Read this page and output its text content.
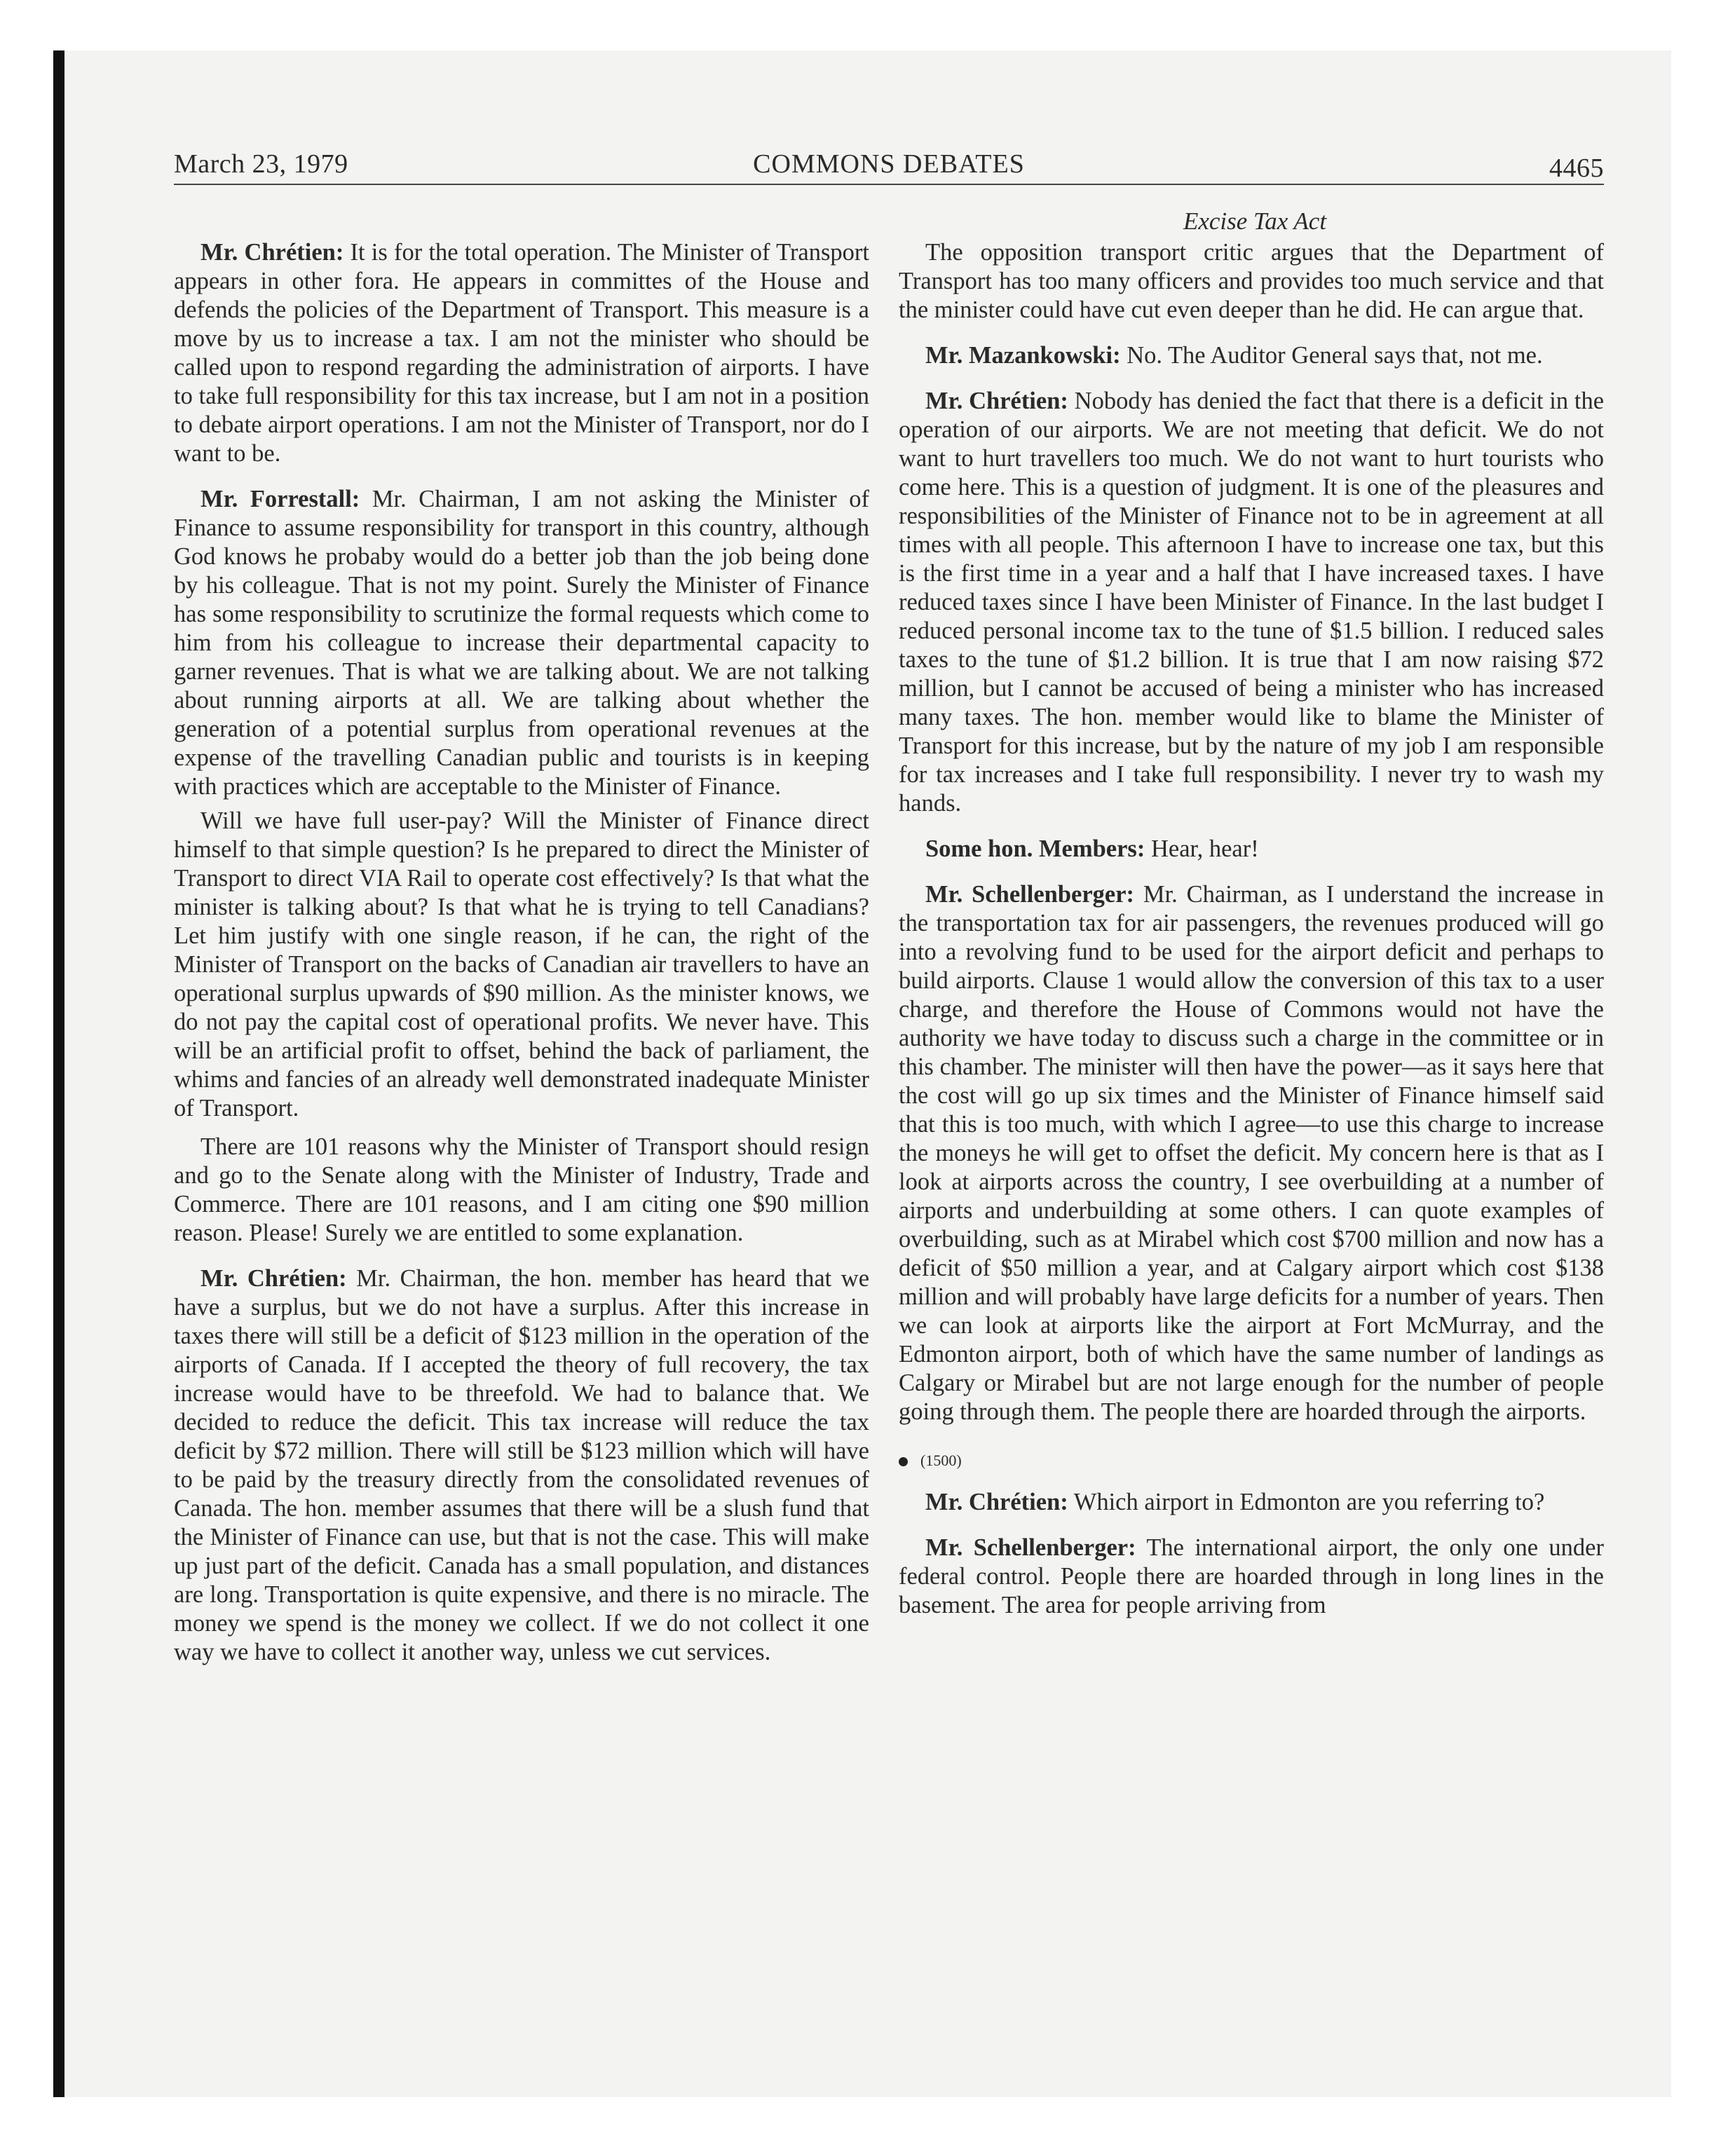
March 23, 1979	COMMONS DEBATES	4465
Excise Tax Act

Mr. Chrétien: It is for the total operation. The Minister of Transport appears in other fora. He appears in committes of the House and defends the policies of the Department of Transport. This measure is a move by us to increase a tax. I am not the minister who should be called upon to respond regarding the administration of airports. I have to take full responsibility for this tax increase, but I am not in a position to debate airport operations. I am not the Minister of Transport, nor do I want to be.

Mr. Forrestall: Mr. Chairman, I am not asking the Minister of Finance to assume responsibility for transport in this country, although God knows he probaby would do a better job than the job being done by his colleague. That is not my point. Surely the Minister of Finance has some responsibility to scrutinize the formal requests which come to him from his colleague to increase their departmental capacity to garner revenues. That is what we are talking about. We are not talking about running airports at all. We are talking about whether the generation of a potential surplus from operational revenues at the expense of the travelling Canadian public and tourists is in keeping with practices which are acceptable to the Minister of Finance.

Will we have full user-pay? Will the Minister of Finance direct himself to that simple question? Is he prepared to direct the Minister of Transport to direct VIA Rail to operate cost effectively? Is that what the minister is talking about? Is that what he is trying to tell Canadians? Let him justify with one single reason, if he can, the right of the Minister of Transport on the backs of Canadian air travellers to have an operational surplus upwards of $90 million. As the minister knows, we do not pay the capital cost of operational profits. We never have. This will be an artificial profit to offset, behind the back of parliament, the whims and fancies of an already well demonstrated inadequate Minister of Transport.

There are 101 reasons why the Minister of Transport should resign and go to the Senate along with the Minister of Industry, Trade and Commerce. There are 101 reasons, and I am citing one $90 million reason. Please! Surely we are entitled to some explanation.

Mr. Chrétien: Mr. Chairman, the hon. member has heard that we have a surplus, but we do not have a surplus. After this increase in taxes there will still be a deficit of $123 million in the operation of the airports of Canada. If I accepted the theory of full recovery, the tax increase would have to be threefold. We had to balance that. We decided to reduce the deficit. This tax increase will reduce the tax deficit by $72 million. There will still be $123 million which will have to be paid by the treasury directly from the consolidated revenues of Canada. The hon. member assumes that there will be a slush fund that the Minister of Finance can use, but that is not the case. This will make up just part of the deficit. Canada has a small population, and distances are long. Transportation is quite expensive, and there is no miracle. The money we spend is the money we collect. If we do not collect it one way we have to collect it another way, unless we cut services.

The opposition transport critic argues that the Department of Transport has too many officers and provides too much service and that the minister could have cut even deeper than he did. He can argue that.

Mr. Mazankowski: No. The Auditor General says that, not me.

Mr. Chrétien: Nobody has denied the fact that there is a deficit in the operation of our airports. We are not meeting that deficit. We do not want to hurt travellers too much. We do not want to hurt tourists who come here. This is a question of judgment. It is one of the pleasures and responsibilities of the Minister of Finance not to be in agreement at all times with all people. This afternoon I have to increase one tax, but this is the first time in a year and a half that I have increased taxes. I have reduced taxes since I have been Minister of Finance. In the last budget I reduced personal income tax to the tune of $1.5 billion. I reduced sales taxes to the tune of $1.2 billion. It is true that I am now raising $72 million, but I cannot be accused of being a minister who has increased many taxes. The hon. member would like to blame the Minister of Transport for this increase, but by the nature of my job I am responsible for tax increases and I take full responsibility. I never try to wash my hands.

Some hon. Members: Hear, hear!

Mr. Schellenberger: Mr. Chairman, as I understand the increase in the transportation tax for air passengers, the revenues produced will go into a revolving fund to be used for the airport deficit and perhaps to build airports. Clause 1 would allow the conversion of this tax to a user charge, and therefore the House of Commons would not have the authority we have today to discuss such a charge in the committee or in this chamber. The minister will then have the power—as it says here that the cost will go up six times and the Minister of Finance himself said that this is too much, with which I agree—to use this charge to increase the moneys he will get to offset the deficit. My concern here is that as I look at airports across the country, I see overbuilding at a number of airports and underbuilding at some others. I can quote examples of overbuilding, such as at Mirabel which cost $700 million and now has a deficit of $50 million a year, and at Calgary airport which cost $138 million and will probably have large deficits for a number of years. Then we can look at airports like the airport at Fort McMurray, and the Edmonton airport, both of which have the same number of landings as Calgary or Mirabel but are not large enough for the number of people going through them. The people there are hoarded through the airports.

(1500)

Mr. Chrétien: Which airport in Edmonton are you referring to?

Mr. Schellenberger: The international airport, the only one under federal control. People there are hoarded through in long lines in the basement. The area for people arriving from
